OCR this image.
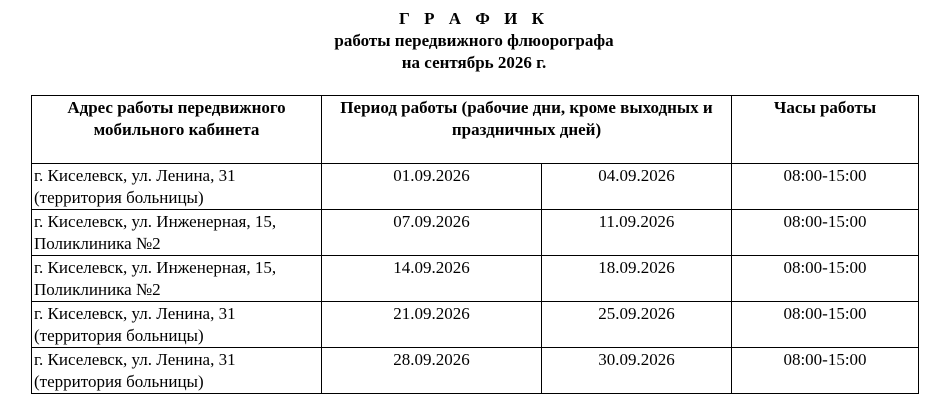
Г Р А Ф И К
работы передвижного флюорографа
на сентябрь 2026 г.
Адрес работы передвижного мобильного кабинета	Период работы (рабочие дни, кроме выходных и праздничных дней)		Часы работы
г. Киселевск, ул. Ленина, 31 (территория больницы)	01.09.2026	04.09.2026	08:00-15:00
г. Киселевск, ул. Инженерная, 15, Поликлиника №2	07.09.2026	11.09.2026	08:00-15:00
г. Киселевск, ул. Инженерная, 15, Поликлиника №2	14.09.2026	18.09.2026	08:00-15:00
г. Киселевск, ул. Ленина, 31 (территория больницы)	21.09.2026	25.09.2026	08:00-15:00
г. Киселевск, ул. Ленина, 31 (территория больницы)	28.09.2026	30.09.2026	08:00-15:00
